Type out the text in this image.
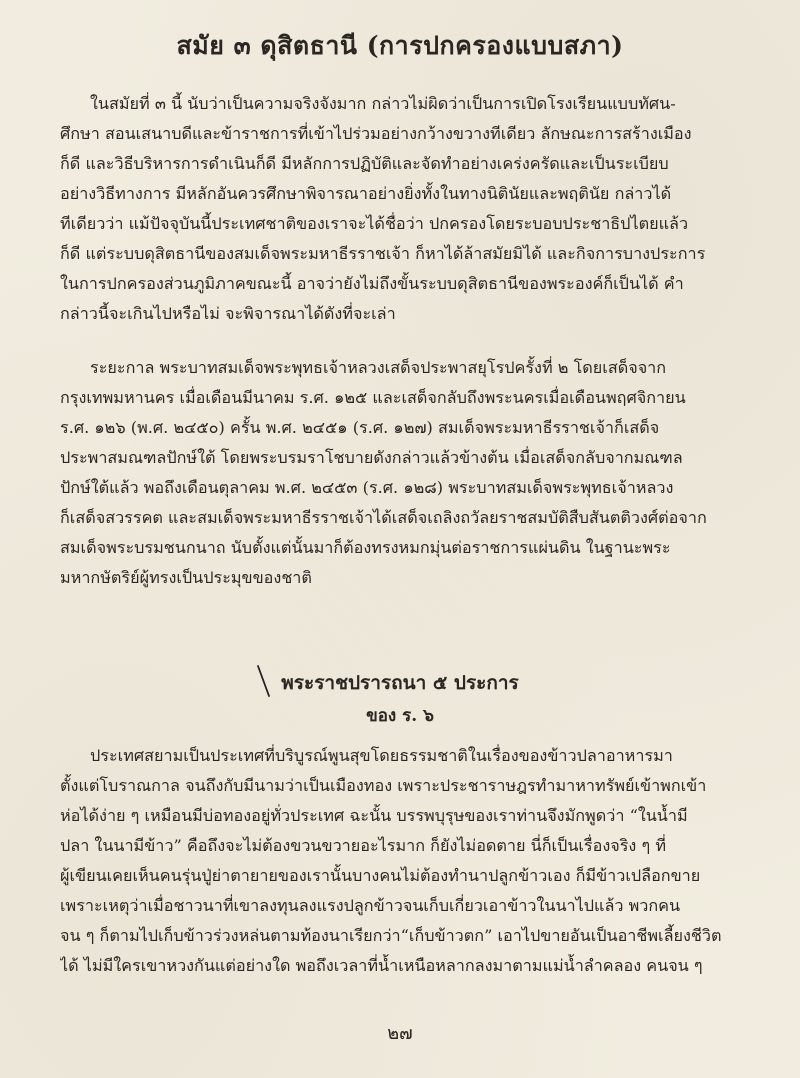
สมัย ๓ ดุสิตธานี (การปกครองแบบสภา)
ในสมัยที่ ๓ นี้ นับว่าเป็นความจริงจังมาก กล่าวไม่ผิดว่าเป็นการเปิดโรงเรียนแบบทัศน-
ศึกษา สอนเสนาบดีและข้าราชการที่เข้าไปร่วมอย่างกว้างขวางทีเดียว ลักษณะการสร้างเมือง
ก็ดี และวิธีบริหารการดำเนินก็ดี มีหลักการปฏิบัติและจัดทำอย่างเคร่งครัดและเป็นระเบียบ
อย่างวิธีทางการ มีหลักอันควรศึกษาพิจารณาอย่างยิ่งทั้งในทางนิตินัยและพฤตินัย กล่าวได้
ทีเดียวว่า แม้ปัจจุบันนี้ประเทศชาติของเราจะได้ชื่อว่า ปกครองโดยระบอบประชาธิปไตยแล้ว
ก็ดี แต่ระบบดุสิตธานีของสมเด็จพระมหาธีรราชเจ้า ก็หาได้ล้าสมัยมิได้ และกิจการบางประการ
ในการปกครองส่วนภูมิภาคขณะนี้ อาจว่ายังไม่ถึงขั้นระบบดุสิตธานีของพระองค์ก็เป็นได้ คำ
กล่าวนี้จะเกินไปหรือไม่ จะพิจารณาได้ดังที่จะเล่า
ระยะกาล พระบาทสมเด็จพระพุทธเจ้าหลวงเสด็จประพาสยุโรปครั้งที่ ๒ โดยเสด็จจาก
กรุงเทพมหานคร เมื่อเดือนมีนาคม ร.ศ. ๑๒๕ และเสด็จกลับถึงพระนครเมื่อเดือนพฤศจิกายน
ร.ศ. ๑๒๖ (พ.ศ. ๒๔๕๐) ครั้น พ.ศ. ๒๔๕๑ (ร.ศ. ๑๒๗) สมเด็จพระมหาธีรราชเจ้าก็เสด็จ
ประพาสมณฑลปักษ์ใต้ โดยพระบรมราโชบายดังกล่าวแล้วข้างต้น เมื่อเสด็จกลับจากมณฑล
ปักษ์ใต้แล้ว พอถึงเดือนตุลาคม พ.ศ. ๒๔๕๓ (ร.ศ. ๑๒๘) พระบาทสมเด็จพระพุทธเจ้าหลวง
ก็เสด็จสวรรคต และสมเด็จพระมหาธีรราชเจ้าได้เสด็จเถลิงถวัลยราชสมบัติสืบสันตติวงศ์ต่อจาก
สมเด็จพระบรมชนกนาถ นับตั้งแต่นั้นมาก็ต้องทรงหมกมุ่นต่อราชการแผ่นดิน ในฐานะพระ
มหากษัตริย์ผู้ทรงเป็นประมุขของชาติ
พระราชปรารถนา ๕ ประการ
ของ ร. ๖
ประเทศสยามเป็นประเทศที่บริบูรณ์พูนสุขโดยธรรมชาติในเรื่องของข้าวปลาอาหารมา
ตั้งแต่โบราณกาล จนถึงกับมีนามว่าเป็นเมืองทอง เพราะประชาราษฎรทำมาหาทรัพย์เข้าพกเข้า
ห่อได้ง่าย ๆ เหมือนมีบ่อทองอยู่ทั่วประเทศ ฉะนั้น บรรพบุรุษของเราท่านจึงมักพูดว่า “ในน้ำมี
ปลา ในนามีข้าว” คือถึงจะไม่ต้องขวนขวายอะไรมาก ก็ยังไม่อดตาย นี่ก็เป็นเรื่องจริง ๆ ที่
ผู้เขียนเคยเห็นคนรุ่นปู่ย่าตายายของเรานั้นบางคนไม่ต้องทำนาปลูกข้าวเอง ก็มีข้าวเปลือกขาย
เพราะเหตุว่าเมื่อชาวนาที่เขาลงทุนลงแรงปลูกข้าวจนเก็บเกี่ยวเอาข้าวในนาไปแล้ว พวกคน
จน ๆ ก็ตามไปเก็บข้าวร่วงหล่นตามท้องนาเรียกว่า“เก็บข้าวตก” เอาไปขายอันเป็นอาชีพเลี้ยงชีวิต
ได้ ไม่มีใครเขาหวงกันแต่อย่างใด พอถึงเวลาที่น้ำเหนือหลากลงมาตามแม่น้ำลำคลอง คนจน ๆ
๒๗
